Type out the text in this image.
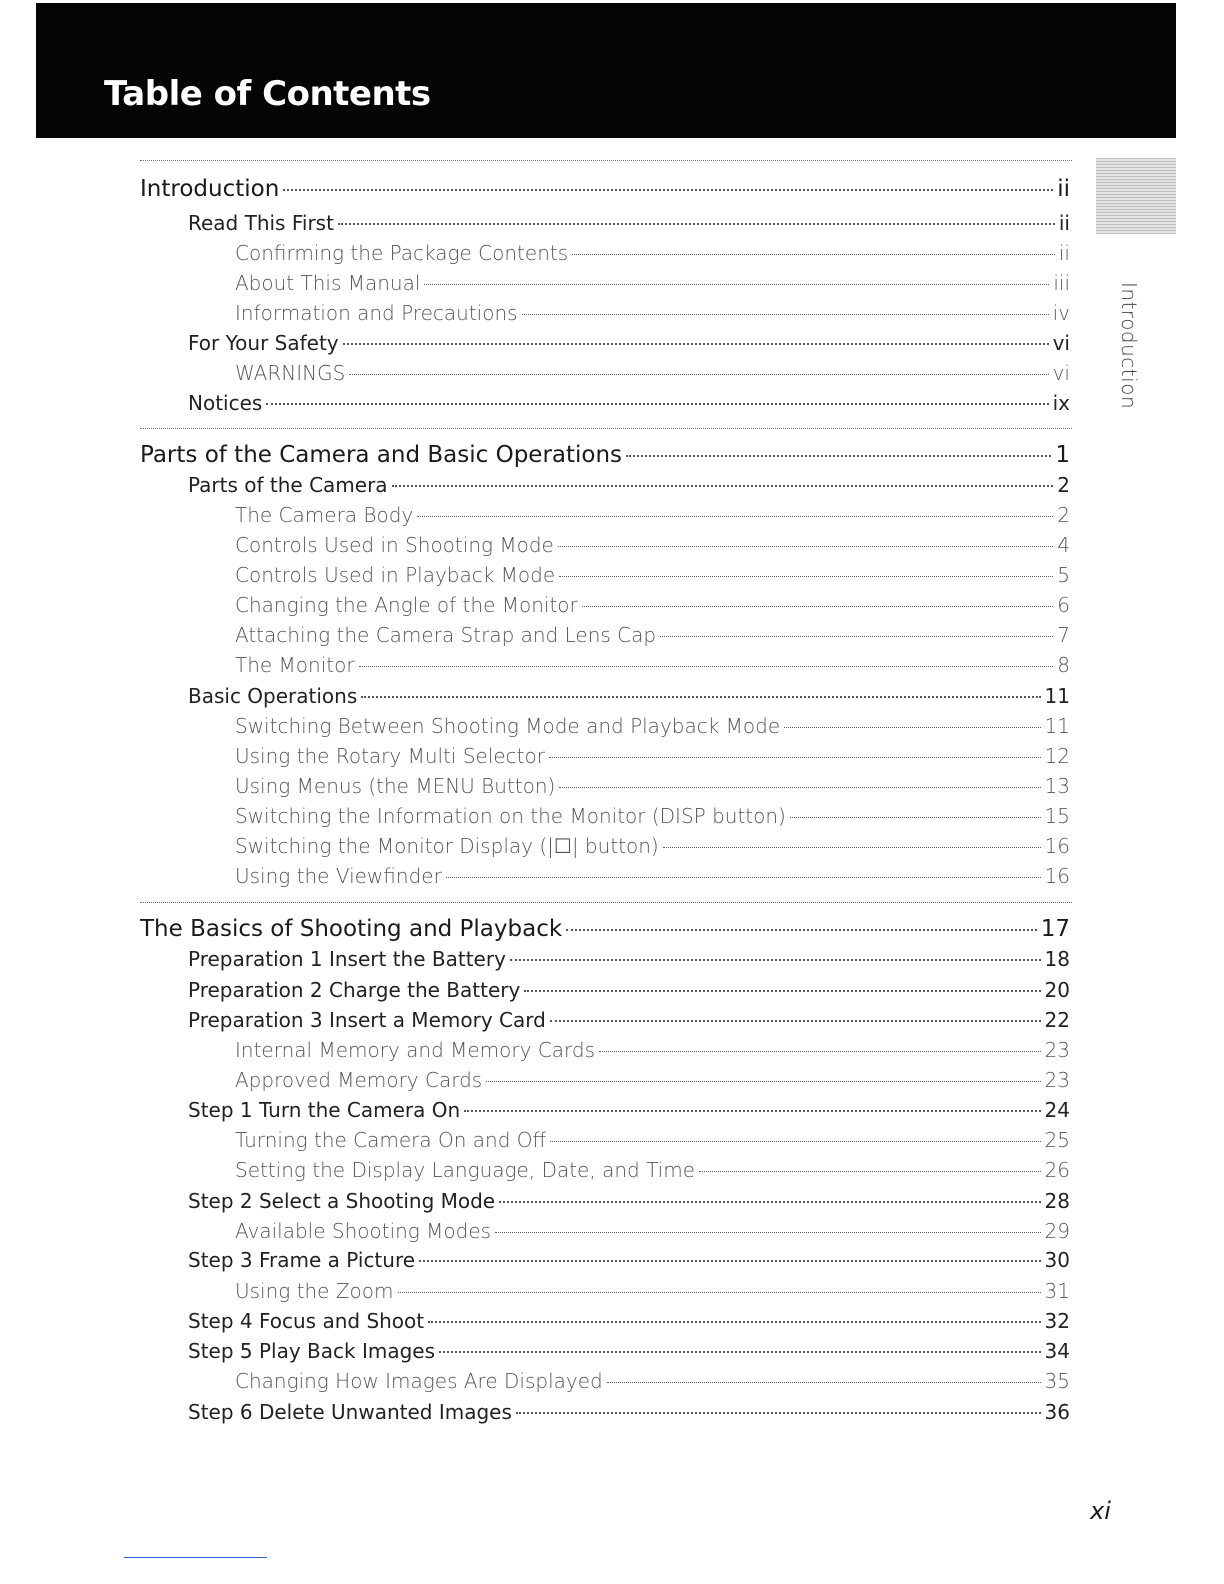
Table of Contents
Introduction
Introduction	ii
Read This First	ii
Confirming the Package Contents	ii
About This Manual	iii
Information and Precautions	iv
For Your Safety	vi
WARNINGS	vi
Notices	ix
Parts of the Camera and Basic Operations	1
Parts of the Camera	2
The Camera Body	2
Controls Used in Shooting Mode	4
Controls Used in Playback Mode	5
Changing the Angle of the Monitor	6
Attaching the Camera Strap and Lens Cap	7
The Monitor	8
Basic Operations	11
Switching Between Shooting Mode and Playback Mode	11
Using the Rotary Multi Selector	12
Using Menus (the MENU Button)	13
Switching the Information on the Monitor (DISP button)	15
Switching the Monitor Display (|☐| button)	16
Using the Viewfinder	16
The Basics of Shooting and Playback	17
Preparation 1 Insert the Battery	18
Preparation 2 Charge the Battery	20
Preparation 3 Insert a Memory Card	22
Internal Memory and Memory Cards	23
Approved Memory Cards	23
Step 1 Turn the Camera On	24
Turning the Camera On and Off	25
Setting the Display Language, Date, and Time	26
Step 2 Select a Shooting Mode	28
Available Shooting Modes	29
Step 3 Frame a Picture	30
Using the Zoom	31
Step 4 Focus and Shoot	32
Step 5 Play Back Images	34
Changing How Images Are Displayed	35
Step 6 Delete Unwanted Images	36
xi
